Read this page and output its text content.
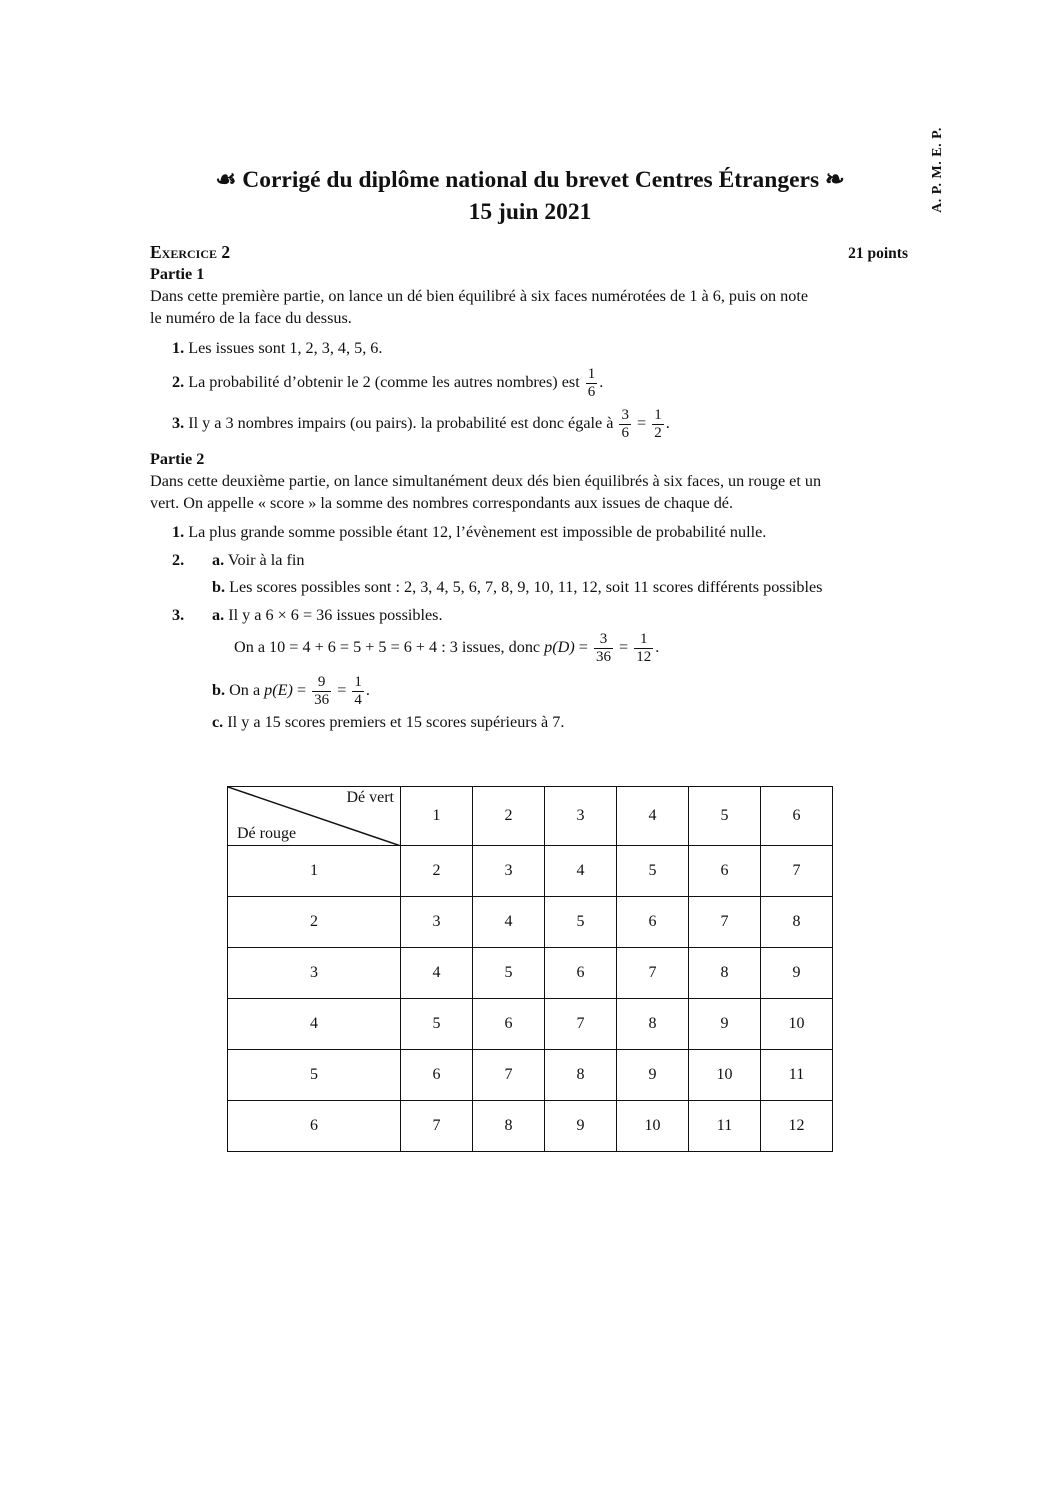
A. P. M. E. P.
☙ Corrigé du diplôme national du brevet Centres Étrangers ❧
15 juin 2021
Exercice 2	21 points
Partie 1
Dans cette première partie, on lance un dé bien équilibré à six faces numérotées de 1 à 6, puis on note
le numéro de la face du dessus.
1. Les issues sont 1, 2, 3, 4, 5, 6.
2. La probabilité d’obtenir le 2 (comme les autres nombres) est $\frac{1}{6}$ .
3. Il y a 3 nombres impairs (ou pairs). la probabilité est donc égale à $\frac{3}{6} = \frac{1}{2}$ .
Partie 2
Dans cette deuxième partie, on lance simultanément deux dés bien équilibrés à six faces, un rouge et un
vert. On appelle « score » la somme des nombres correspondants aux issues de chaque dé.
1. La plus grande somme possible étant 12, l’évènement est impossible de probabilité nulle.
2. a. Voir à la fin
b. Les scores possibles sont : 2, 3, 4, 5, 6, 7, 8, 9, 10, 11, 12, soit 11 scores différents possibles
3. a. Il y a 6 × 6 = 36 issues possibles.
On a 10 = 4 + 6 = 5 + 5 = 6 + 4 : 3 issues, donc $p(D) = \frac{3}{36} = \frac{1}{12}$ .
b. On a $p(E) = \frac{9}{36} = \frac{1}{4}$ .
c. Il y a 15 scores premiers et 15 scores supérieurs à 7.
Dé vert
Dé rouge	1	2	3	4	5	6
1	2	3	4	5	6	7
2	3	4	5	6	7	8
3	4	5	6	7	8	9
4	5	6	7	8	9	10
5	6	7	8	9	10	11
6	7	8	9	10	11	12
